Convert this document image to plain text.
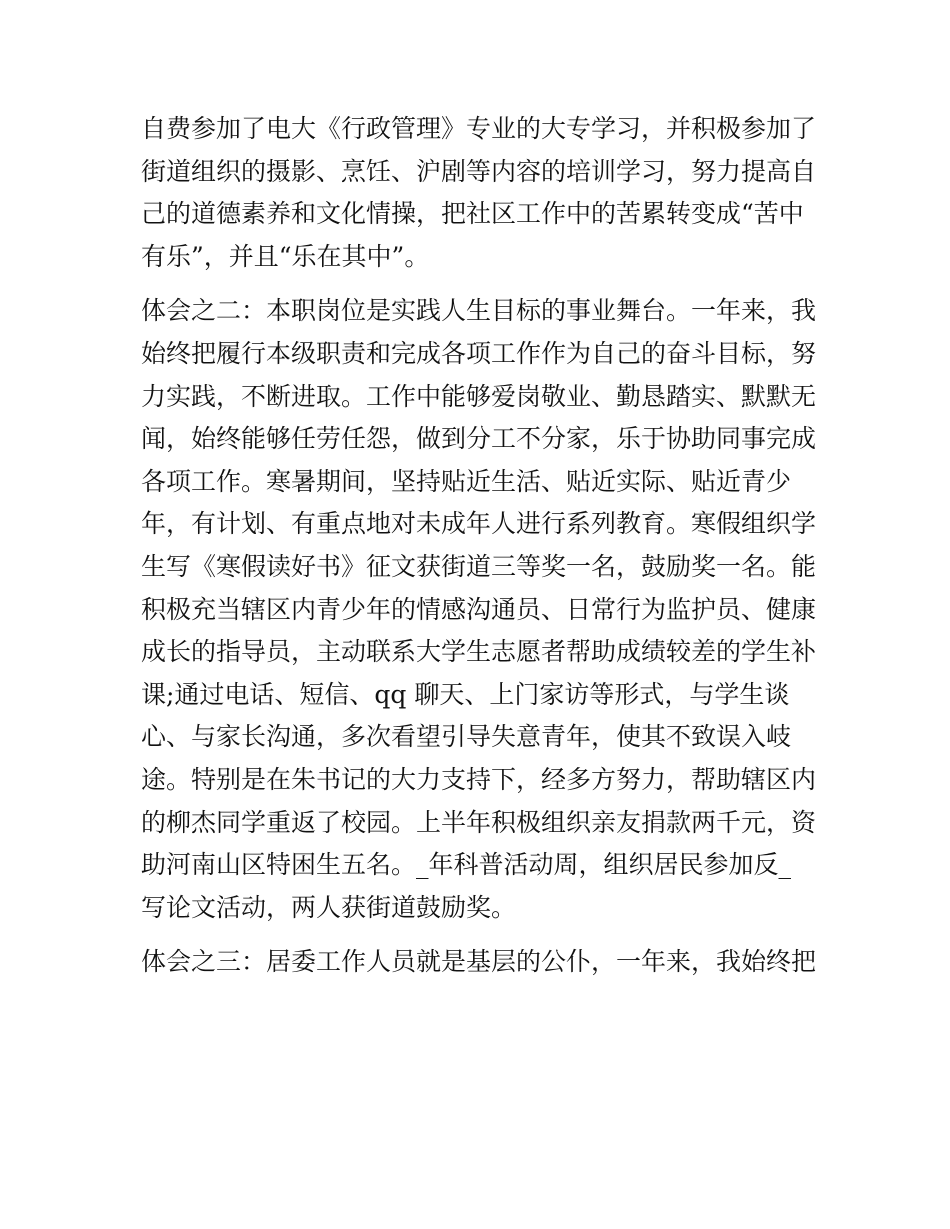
自费参加了电大《行政管理》专业的大专学习，并积极参加了
街道组织的摄影、烹饪、沪剧等内容的培训学习，努力提高自
己的道德素养和文化情操，把社区工作中的苦累转变成“苦中
有乐”，并且“乐在其中”。
体会之二：本职岗位是实践人生目标的事业舞台。一年来，我
始终把履行本级职责和完成各项工作作为自己的奋斗目标，努
力实践，不断进取。工作中能够爱岗敬业、勤恳踏实、默默无
闻，始终能够任劳任怨，做到分工不分家，乐于协助同事完成
各项工作。寒暑期间，坚持贴近生活、贴近实际、贴近青少
年，有计划、有重点地对未成年人进行系列教育。寒假组织学
生写《寒假读好书》征文获街道三等奖一名，鼓励奖一名。能
积极充当辖区内青少年的情感沟通员、日常行为监护员、健康
成长的指导员，主动联系大学生志愿者帮助成绩较差的学生补
课;通过电话、短信、qq 聊天、上门家访等形式，与学生谈
心、与家长沟通，多次看望引导失意青年，使其不致误入岐
途。特别是在朱书记的大力支持下，经多方努力，帮助辖区内
的柳杰同学重返了校园。上半年积极组织亲友捐款两千元，资
助河南山区特困生五名。_年科普活动周，组织居民参加反_
写论文活动，两人获街道鼓励奖。
体会之三：居委工作人员就是基层的公仆，一年来，我始终把
